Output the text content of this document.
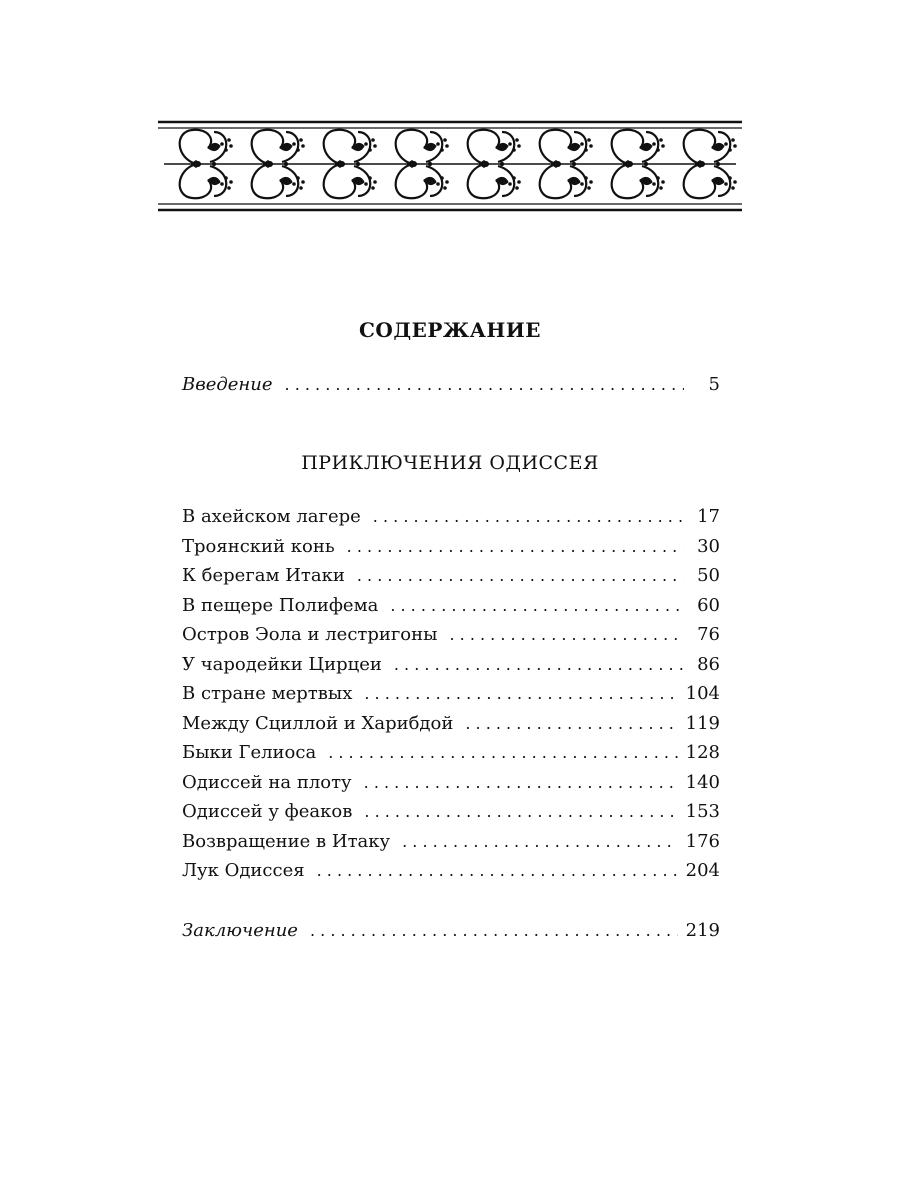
СОДЕРЖАНИЕ
Введение . . .	5
ПРИКЛЮЧЕНИЯ ОДИССЕЯ
В ахейском лагере . . .	17
Троянский конь . . .	30
К берегам Итаки . . .	50
В пещере Полифема . . .	60
Остров Эола и лестригоны . . .	76
У чародейки Цирцеи . . .	86
В стране мертвых . . .	104
Между Сциллой и Харибдой . . .	119
Быки Гелиоса . . .	128
Одиссей на плоту . . .	140
Одиссей у феаков . . .	153
Возвращение в Итаку . . .	176
Лук Одиссея . . .	204
Заключение . . .	219
